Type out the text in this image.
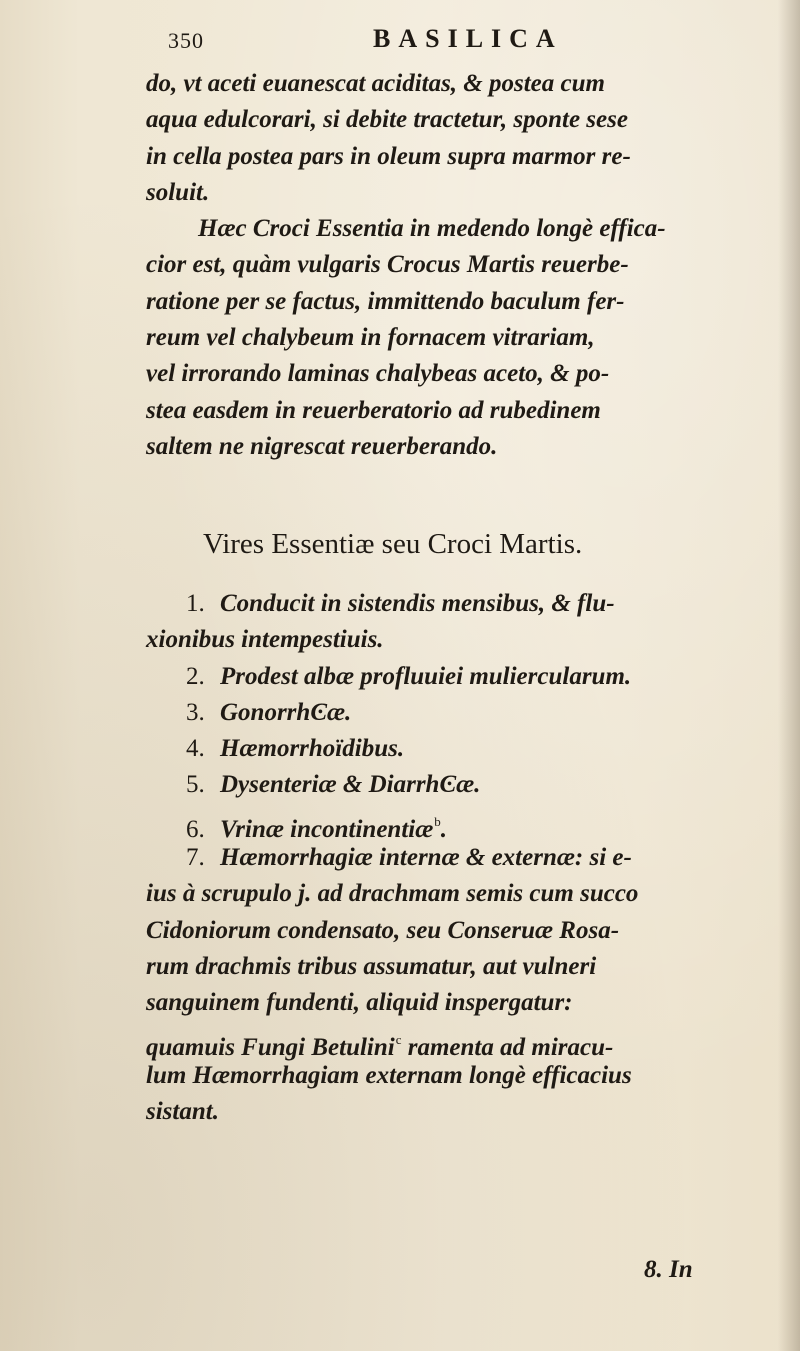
350	BASILICA
do, vt aceti euanescat aciditas, & postea cum
aqua edulcorari, si debite tractetur, sponte sese
in cella postea pars in oleum supra marmor re-
soluit.
Hæc Croci Essentia in medendo longè effica-
cior est, quàm vulgaris Crocus Martis reuerbe-
ratione per se factus, immittendo baculum fer-
reum vel chalybeum in fornacem vitrariam,
vel irrorando laminas chalybeas aceto, & po-
stea easdem in reuerberatorio ad rubedinem
saltem ne nigrescat reuerberando.
Vires Essentiæ seu Croci Martis.
1. Conducit in sistendis mensibus, & flu-
xionibus intempestiuis.
2. Prodest albæ profluuiei muliercularum.
3. GonorrhϾæ.
4. Hæmorrhoïdibus.
5. Dysenteriæ & DiarrhϾæ.
6. Vrinæ incontinentiæ$^b$.
7. Hæmorrhagiæ internæ & externæ: si e-
ius à scrupulo j. ad drachmam semis cum succo
Cidoniorum condensato, seu Conseruæ Rosa-
rum drachmis tribus assumatur, aut vulneri
sanguinem fundenti, aliquid inspergatur:
quamuis Fungi Betulini$^c$ ramenta ad miracu-
lum Hæmorrhagiam externam longè efficacius
sistant.
8. In
